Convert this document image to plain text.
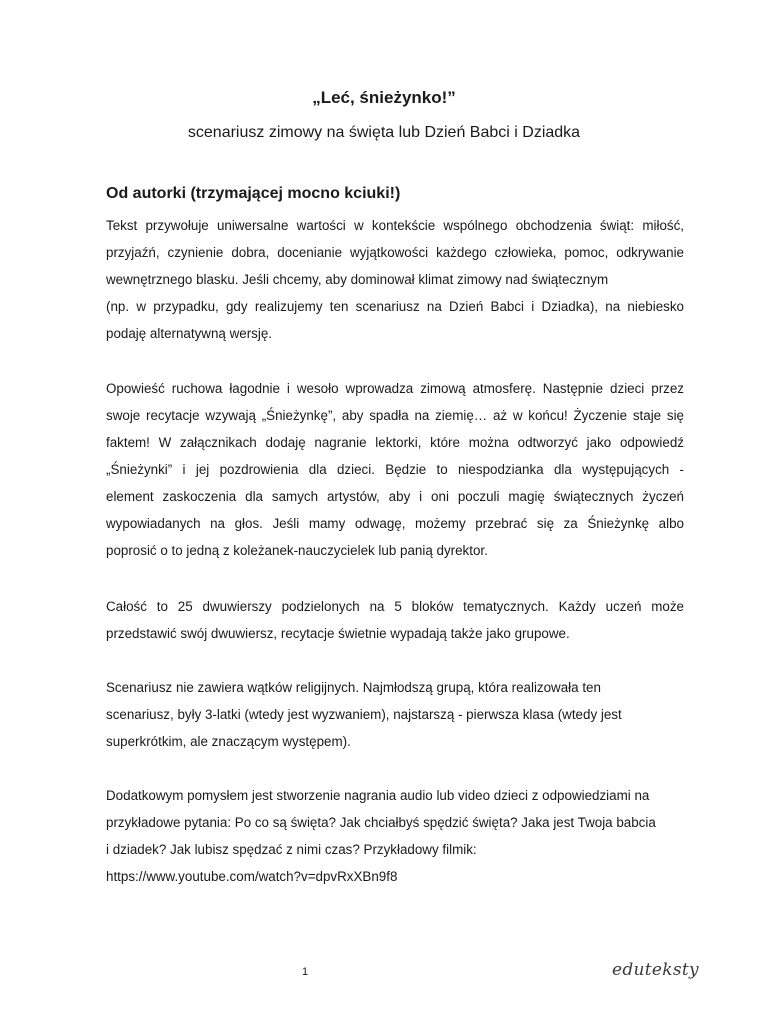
„Leć, śnieżynko!”

scenariusz zimowy na święta lub Dzień Babci i Dziadka

Od autorki (trzymającej mocno kciuki!)

Tekst przywołuje uniwersalne wartości w kontekście wspólnego obchodzenia świąt: miłość,
przyjaźń, czynienie dobra, docenianie wyjątkowości każdego człowieka, pomoc, odkrywanie
wewnętrznego blasku. Jeśli chcemy, aby dominował klimat zimowy nad świątecznym
(np. w przypadku, gdy realizujemy ten scenariusz na Dzień Babci i Dziadka), na niebiesko
podaję alternatywną wersję.

Opowieść ruchowa łagodnie i wesoło wprowadza zimową atmosferę. Następnie dzieci przez
swoje recytacje wzywają „Śnieżynkę”, aby spadła na ziemię… aż w końcu! Życzenie staje się
faktem! W załącznikach dodaję nagranie lektorki, które można odtworzyć jako odpowiedź
„Śnieżynki” i jej pozdrowienia dla dzieci. Będzie to niespodzianka dla występujących -
element zaskoczenia dla samych artystów, aby i oni poczuli magię świątecznych życzeń
wypowiadanych na głos. Jeśli mamy odwagę, możemy przebrać się za Śnieżynkę albo
poprosić o to jedną z koleżanek-nauczycielek lub panią dyrektor.

Całość to 25 dwuwierszy podzielonych na 5 bloków tematycznych. Każdy uczeń może
przedstawić swój dwuwiersz, recytacje świetnie wypadają także jako grupowe.

Scenariusz nie zawiera wątków religijnych. Najmłodszą grupą, która realizowała ten
scenariusz, były 3-latki (wtedy jest wyzwaniem), najstarszą - pierwsza klasa (wtedy jest
superkrótkim, ale znaczącym występem).

Dodatkowym pomysłem jest stworzenie nagrania audio lub video dzieci z odpowiedziami na
przykładowe pytania: Po co są święta? Jak chciałbyś spędzić święta? Jaka jest Twoja babcia
i dziadek? Jak lubisz spędzać z nimi czas? Przykładowy filmik:
https://www.youtube.com/watch?v=dpvRxXBn9f8

1	eduteksty
